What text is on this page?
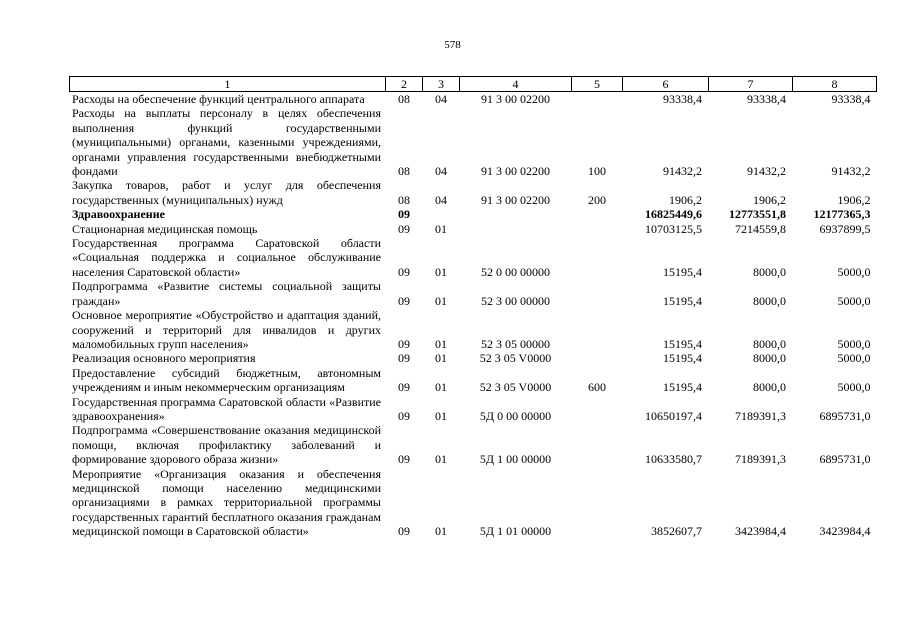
578
1	2	3	4	5	6	7	8
Расходы на обеспечение функций центрального аппарата	08	04	91 3 00 02200		93338,4	93338,4	93338,4
Расходы на выплаты персоналу в целях обеспечения выполнения функций государственными (муниципальными) органами, казенными учреждениями, органами управления государственными внебюджетными фондами	08	04	91 3 00 02200	100	91432,2	91432,2	91432,2
Закупка товаров, работ и услуг для обеспечения государственных (муниципальных) нужд	08	04	91 3 00 02200	200	1906,2	1906,2	1906,2
Здравоохранение	09				16825449,6	12773551,8	12177365,3
Стационарная медицинская помощь	09	01			10703125,5	7214559,8	6937899,5
Государственная программа Саратовской области «Социальная поддержка и социальное обслуживание населения Саратовской области»	09	01	52 0 00 00000		15195,4	8000,0	5000,0
Подпрограмма «Развитие системы социальной защиты граждан»	09	01	52 3 00 00000		15195,4	8000,0	5000,0
Основное мероприятие «Обустройство и адаптация зданий, сооружений и территорий для инвалидов и других маломобильных групп населения»	09	01	52 3 05 00000		15195,4	8000,0	5000,0
Реализация основного мероприятия	09	01	52 3 05 V0000		15195,4	8000,0	5000,0
Предоставление субсидий бюджетным, автономным учреждениям и иным некоммерческим организациям	09	01	52 3 05 V0000	600	15195,4	8000,0	5000,0
Государственная программа Саратовской области «Развитие здравоохранения»	09	01	5Д 0 00 00000		10650197,4	7189391,3	6895731,0
Подпрограмма «Совершенствование оказания медицинской помощи, включая профилактику заболеваний и формирование здорового образа жизни»	09	01	5Д 1 00 00000		10633580,7	7189391,3	6895731,0
Мероприятие «Организация оказания и обеспечения медицинской помощи населению медицинскими организациями в рамках территориальной программы государственных гарантий бесплатного оказания гражданам медицинской помощи в Саратовской области»	09	01	5Д 1 01 00000		3852607,7	3423984,4	3423984,4
